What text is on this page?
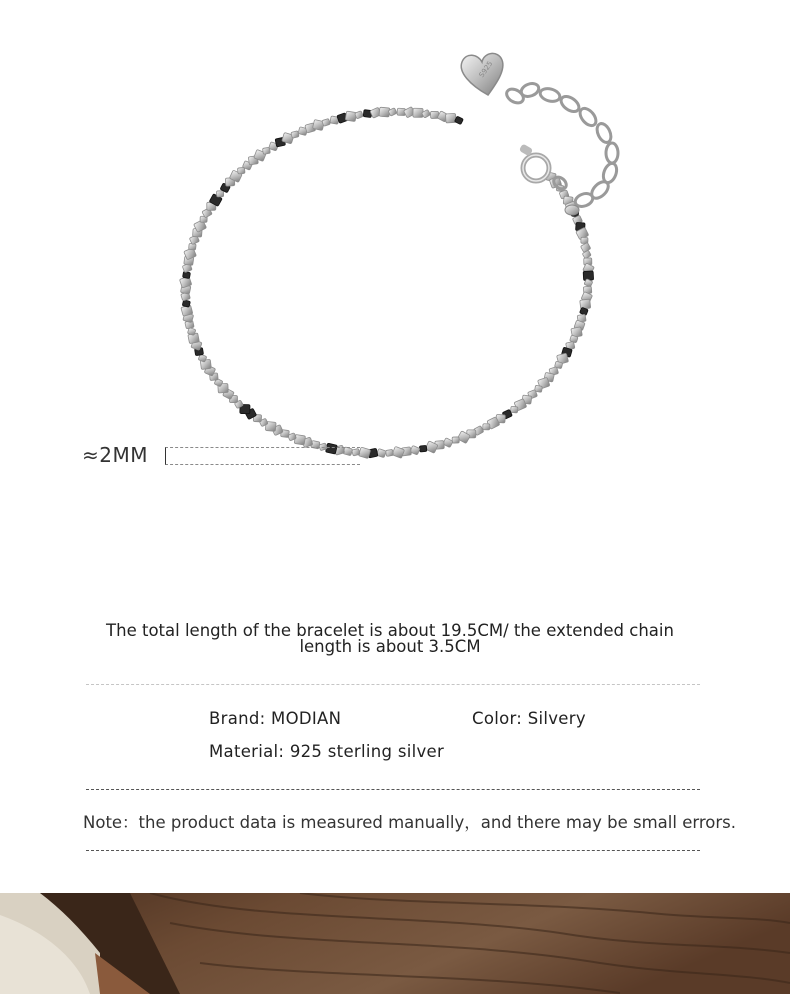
S925
≈2MM
The total length of the bracelet is about 19.5CM/ the extended chain
length is about 3.5CM
Brand: MODIAN	Color: Silvery
Material: 925 sterling silver
Note：the product data is measured manually，and there may be small errors.
